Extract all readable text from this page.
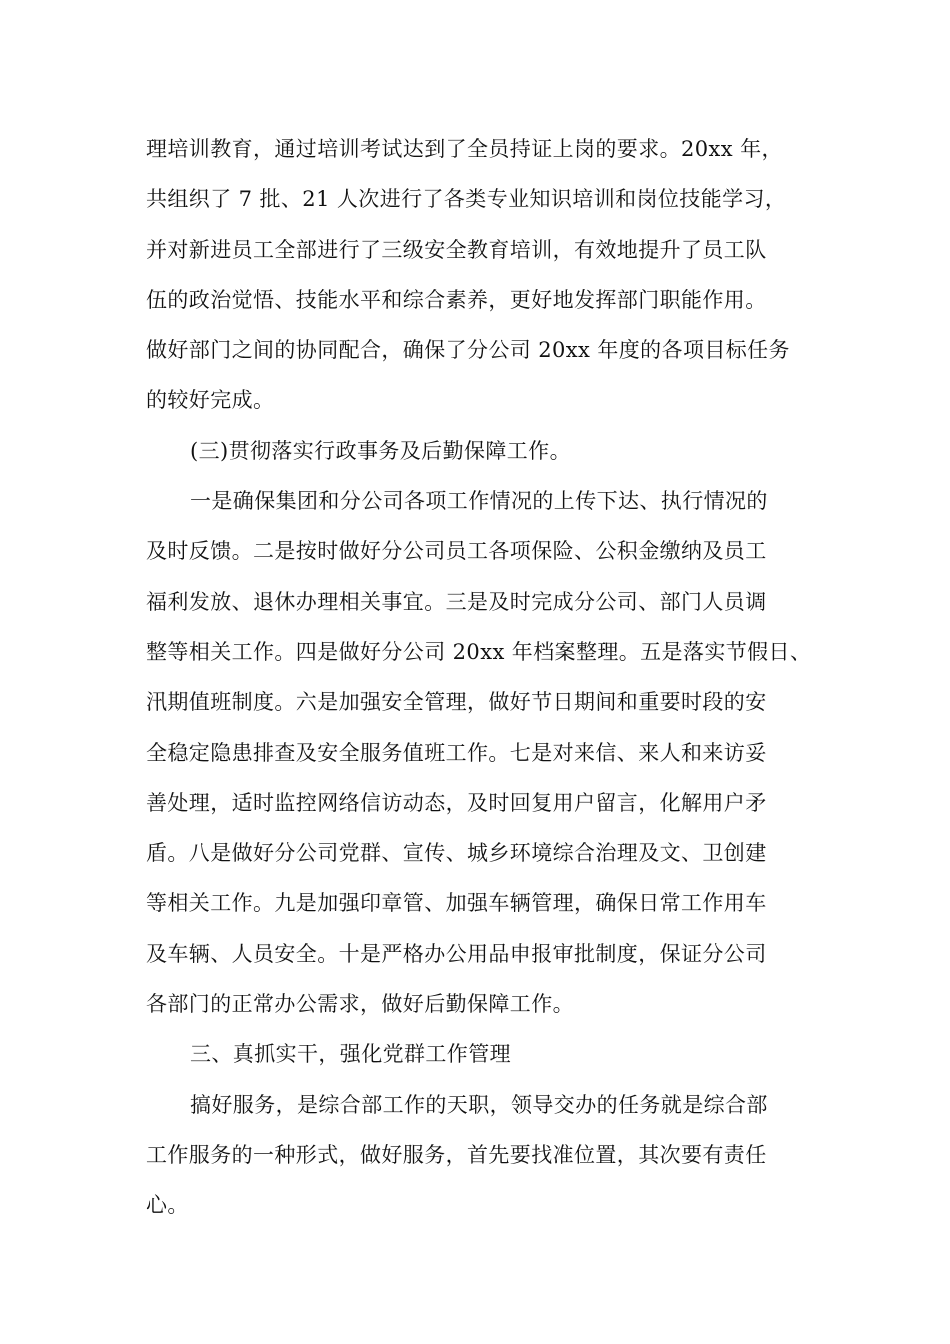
理培训教育，通过培训考试达到了全员持证上岗的要求。20xx 年，
共组织了 7 批、21 人次进行了各类专业知识培训和岗位技能学习，
并对新进员工全部进行了三级安全教育培训，有效地提升了员工队
伍的政治觉悟、技能水平和综合素养，更好地发挥部门职能作用。
做好部门之间的协同配合，确保了分公司 20xx 年度的各项目标任务
的较好完成。
(三)贯彻落实行政事务及后勤保障工作。
一是确保集团和分公司各项工作情况的上传下达、执行情况的
及时反馈。二是按时做好分公司员工各项保险、公积金缴纳及员工
福利发放、退休办理相关事宜。三是及时完成分公司、部门人员调
整等相关工作。四是做好分公司 20xx 年档案整理。五是落实节假日、
汛期值班制度。六是加强安全管理，做好节日期间和重要时段的安
全稳定隐患排查及安全服务值班工作。七是对来信、来人和来访妥
善处理，适时监控网络信访动态，及时回复用户留言，化解用户矛
盾。八是做好分公司党群、宣传、城乡环境综合治理及文、卫创建
等相关工作。九是加强印章管、加强车辆管理，确保日常工作用车
及车辆、人员安全。十是严格办公用品申报审批制度，保证分公司
各部门的正常办公需求，做好后勤保障工作。
三、真抓实干，强化党群工作管理
搞好服务，是综合部工作的天职，领导交办的任务就是综合部
工作服务的一种形式，做好服务，首先要找准位置，其次要有责任
心。
